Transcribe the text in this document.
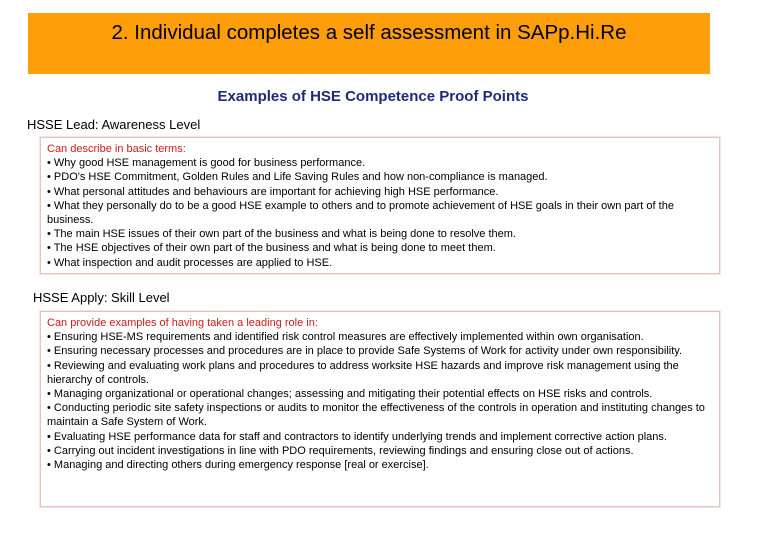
2. Individual completes a self assessment in SAPp.Hi.Re
Examples of HSE Competence Proof Points
HSSE Lead: Awareness Level
Can describe in basic terms:
• Why good HSE management is good for business performance.
• PDO's HSE Commitment, Golden Rules and Life Saving Rules and how non-compliance is managed.
• What personal attitudes and behaviours are important for achieving high HSE performance.
• What they personally do to be a good HSE example to others and to promote achievement of HSE goals in their own part of the business.
• The main HSE issues of their own part of the business and what is being done to resolve them.
• The HSE objectives of their own part of the business and what is being done to meet them.
• What inspection and audit processes are applied to HSE.
HSSE Apply: Skill Level
Can provide examples of having taken a leading role in:
• Ensuring HSE-MS requirements and identified risk control measures are effectively implemented within own organisation.
• Ensuring necessary processes and procedures are in place to provide Safe Systems of Work for activity under own responsibility.
• Reviewing and evaluating work plans and procedures to address worksite HSE hazards and improve risk management using the hierarchy of controls.
• Managing organizational or operational changes; assessing and mitigating their potential effects on HSE risks and controls.
• Conducting periodic site safety inspections or audits to monitor the effectiveness of the controls in operation and instituting changes to maintain a Safe System of Work.
• Evaluating HSE performance data for staff and contractors to identify underlying trends and implement corrective action plans.
• Carrying out incident investigations in line with PDO requirements, reviewing findings and ensuring close out of actions.
• Managing and directing others during emergency response [real or exercise].
